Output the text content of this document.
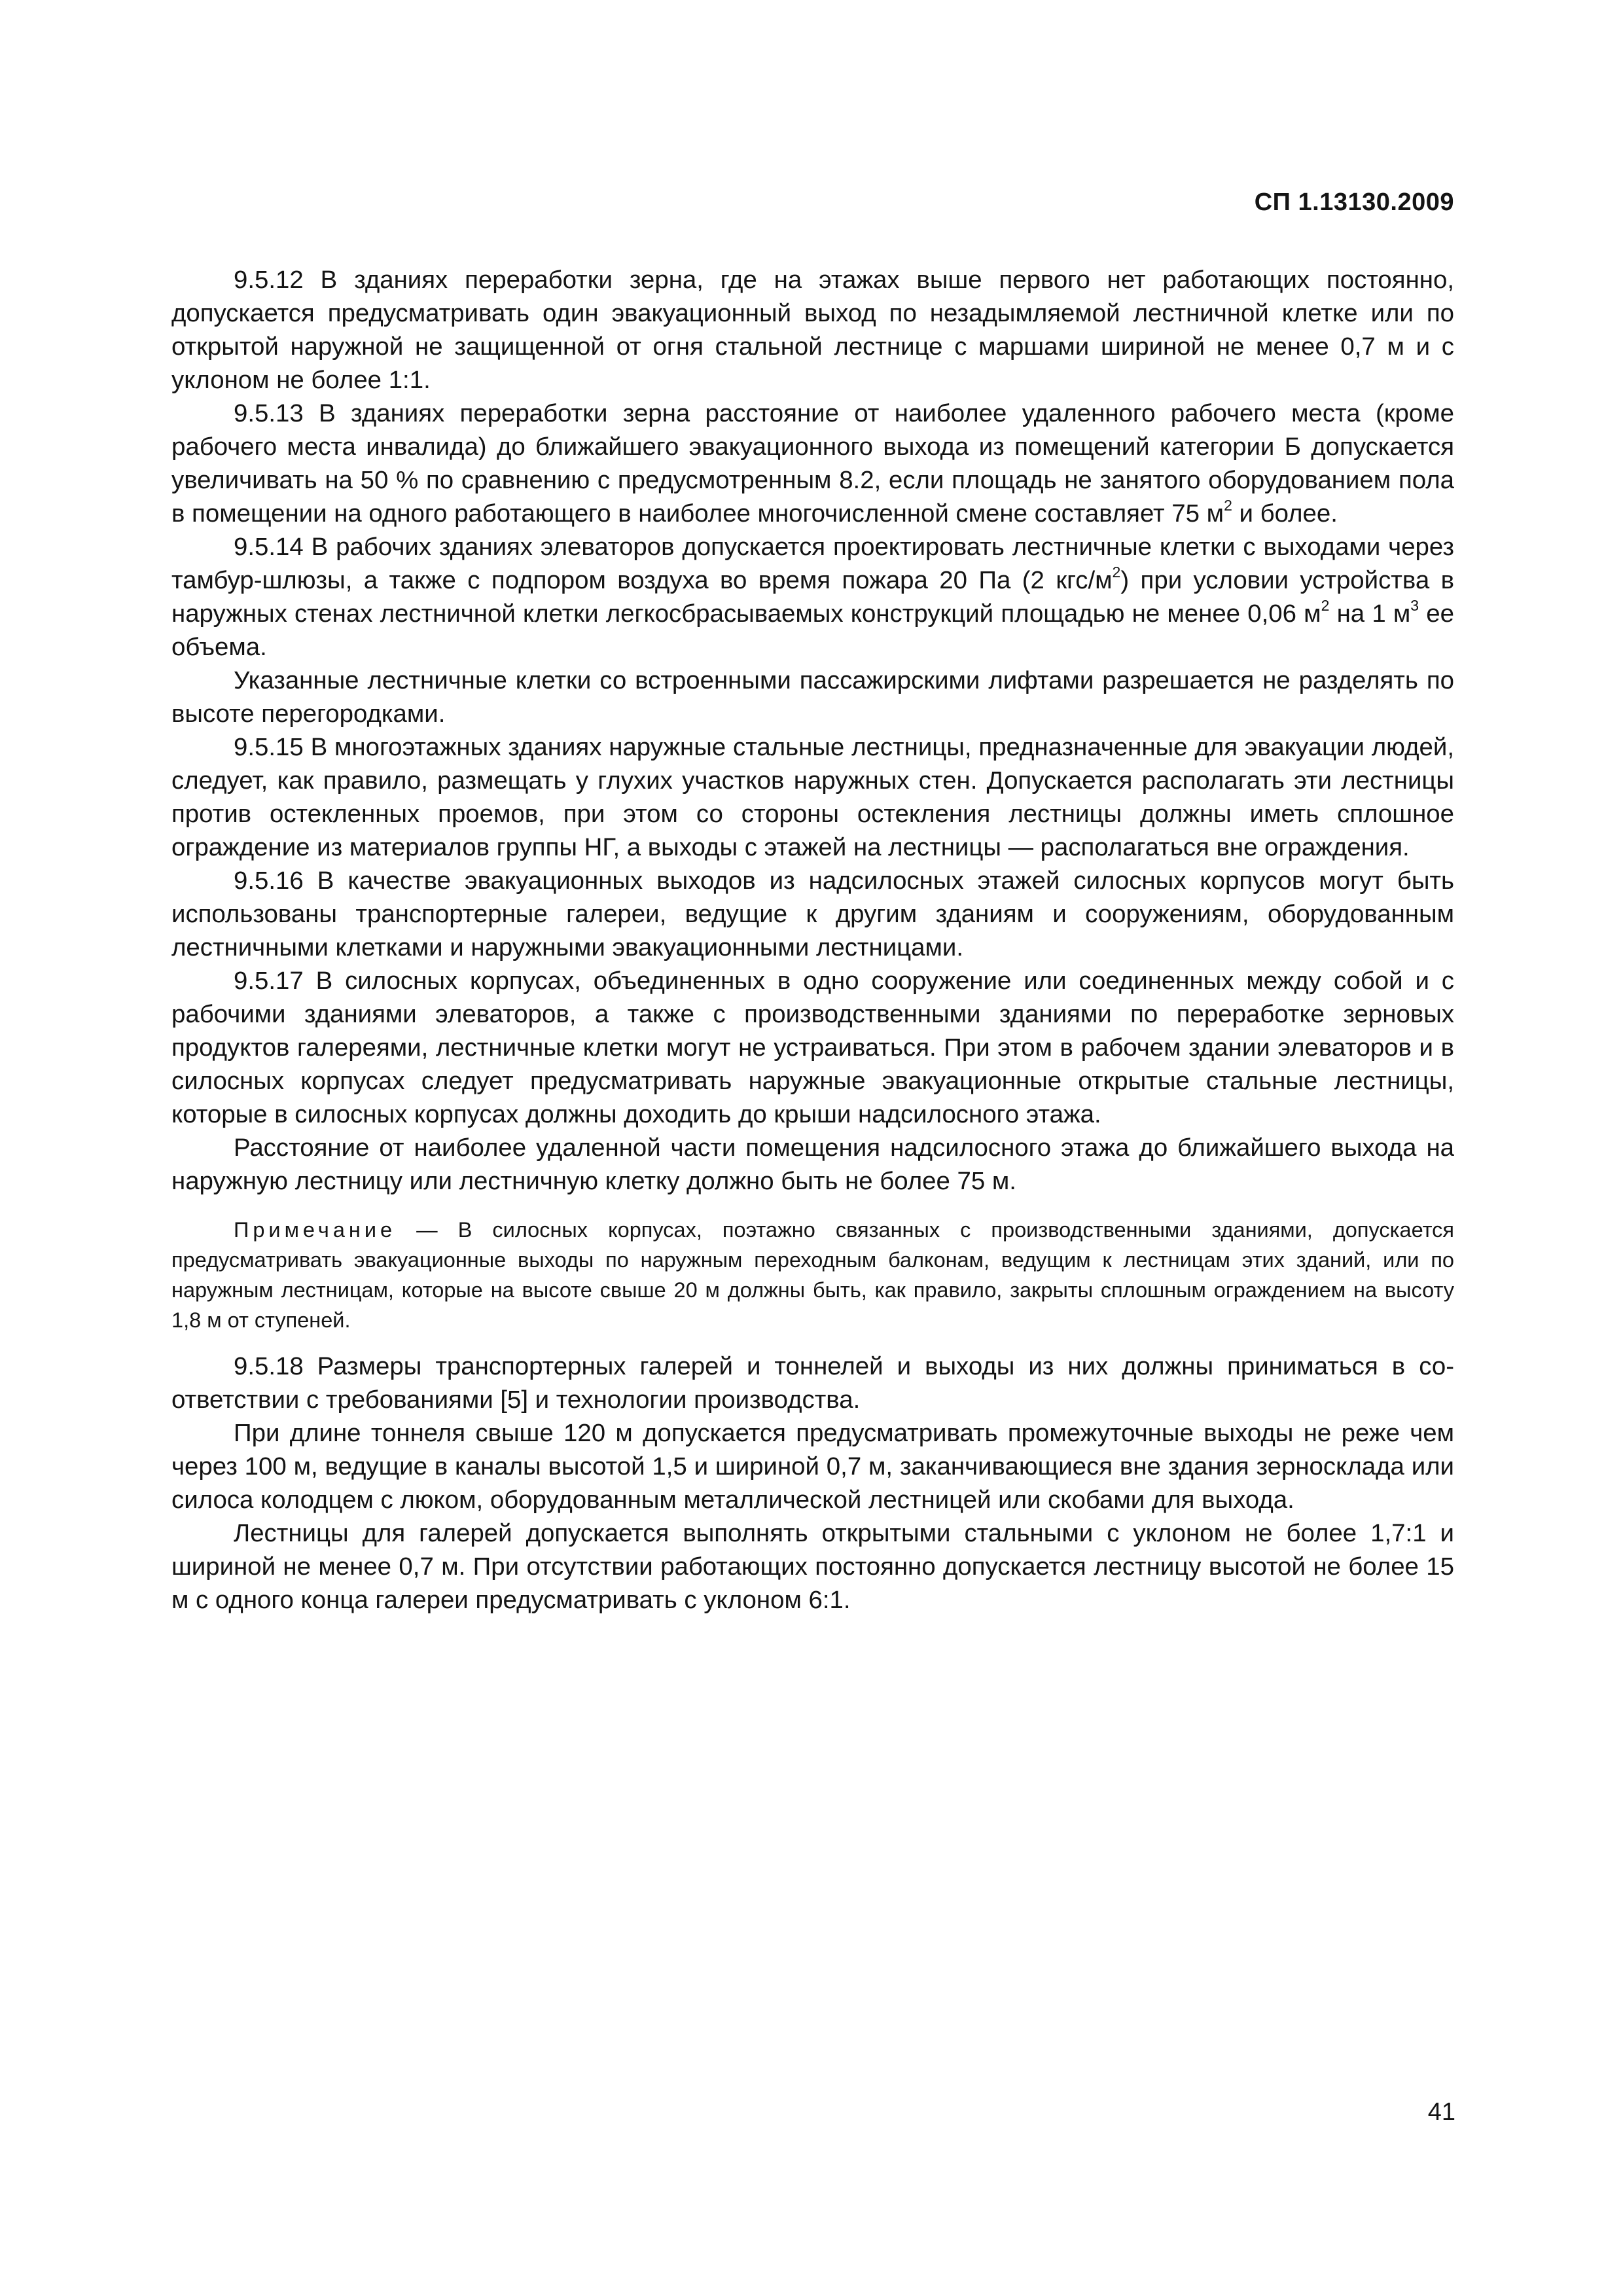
СП 1.13130.2009

9.5.12 В зданиях переработки зерна, где на этажах выше первого нет работающих постоянно, допускается предусматривать один эвакуационный выход по незадымляемой лестничной клетке или по открытой наружной не защищенной от огня стальной лестнице с маршами шириной не менее 0,7 м и с уклоном не более 1:1.

9.5.13 В зданиях переработки зерна расстояние от наиболее удаленного рабочего места (кроме рабочего места инвалида) до ближайшего эвакуационного выхода из помещений категории Б допускается увеличивать на 50 % по сравнению с предусмотренным 8.2, если площадь не занятого оборудованием пола в помещении на одного работающего в наиболее многочисленной смене составляет 75 $м^2$ и более.

9.5.14 В рабочих зданиях элеваторов допускается проектировать лестничные клетки с выходами через тамбур-шлюзы, а также с подпором воздуха во время пожара 20 Па (2 кгс/$м^2$) при условии устройства в наружных стенах лестничной клетки легкосбрасываемых конструкций площадью не менее 0,06 $м^2$ на 1 $м^3$ ее объема.

Указанные лестничные клетки со встроенными пассажирскими лифтами разрешается не разделять по высоте перегородками.

9.5.15 В многоэтажных зданиях наружные стальные лестницы, предназначенные для эвакуации людей, следует, как правило, размещать у глухих участков наружных стен. Допускается располагать эти лестницы против остекленных проемов, при этом со стороны остекления лестницы должны иметь сплошное ограждение из материалов группы НГ, а выходы с этажей на лестницы — располагаться вне ограждения.

9.5.16 В качестве эвакуационных выходов из надсилосных этажей силосных корпусов могут быть использованы транспортерные галереи, ведущие к другим зданиям и сооружениям, оборудованным лестничными клетками и наружными эвакуационными лестницами.

9.5.17 В силосных корпусах, объединенных в одно сооружение или соединенных между собой и с рабочими зданиями элеваторов, а также с производственными зданиями по переработке зерновых продуктов галереями, лестничные клетки могут не устраиваться. При этом в рабочем здании элеваторов и в силосных корпусах следует предусматривать наружные эвакуационные открытые стальные лестницы, которые в силосных корпусах должны доходить до крыши надсилосного этажа.

Расстояние от наиболее удаленной части помещения надсилосного этажа до ближайшего выхода на наружную лестницу или лестничную клетку должно быть не более 75 м.

Примечание — В силосных корпусах, поэтажно связанных с производственными зданиями, допускается предусматривать эвакуационные выходы по наружным переходным балконам, ведущим к лестницам этих зданий, или по наружным лестницам, которые на высоте свыше 20 м должны быть, как правило, закрыты сплошным ограждением на высоту 1,8 м от ступеней.

9.5.18 Размеры транспортерных галерей и тоннелей и выходы из них должны приниматься в соответствии с требованиями [5] и технологии производства.

При длине тоннеля свыше 120 м допускается предусматривать промежуточные выходы не реже чем через 100 м, ведущие в каналы высотой 1,5 и шириной 0,7 м, заканчивающиеся вне здания зерносклада или силоса колодцем с люком, оборудованным металлической лестницей или скобами для выхода.

Лестницы для галерей допускается выполнять открытыми стальными с уклоном не более 1,7:1 и шириной не менее 0,7 м. При отсутствии работающих постоянно допускается лестницу высотой не более 15 м с одного конца галереи предусматривать с уклоном 6:1.

41
